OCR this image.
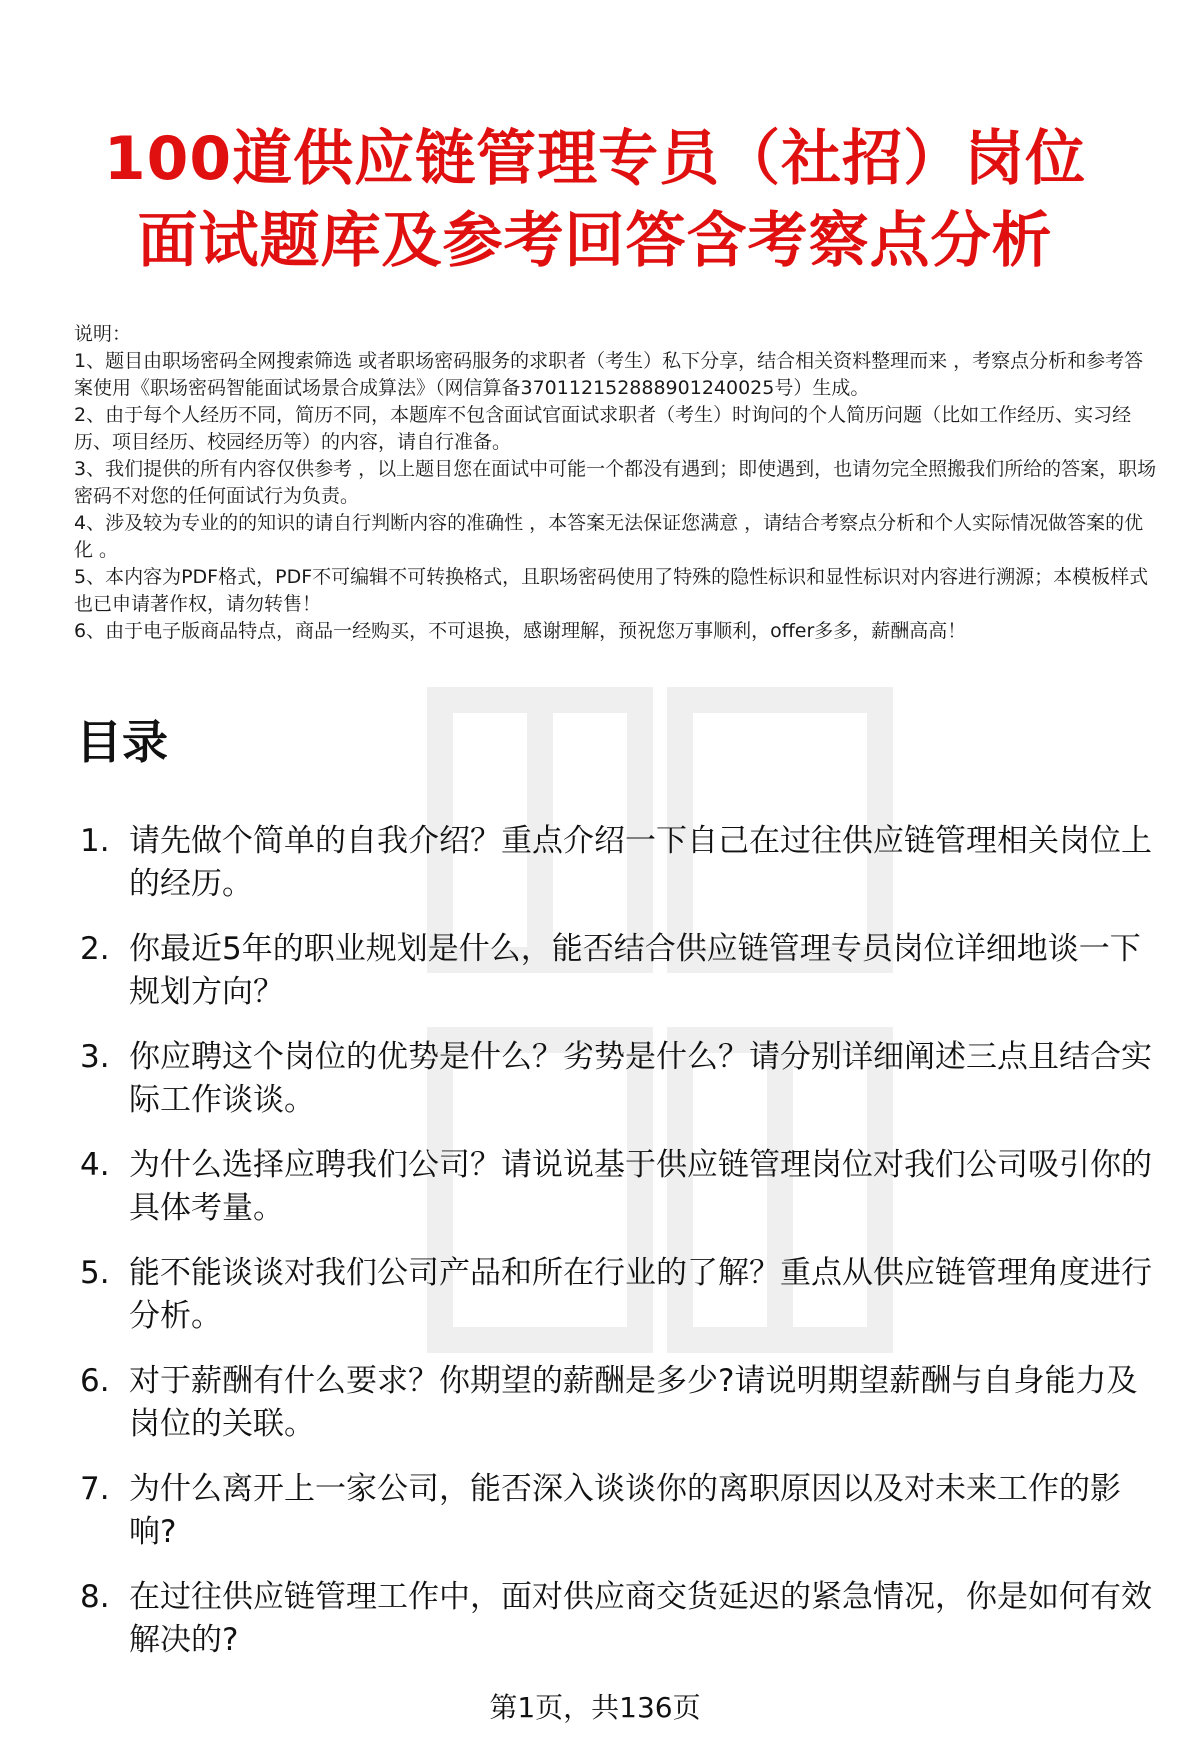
100道供应链管理专员（社招）岗位
面试题库及参考回答含考察点分析

说明：

1、题目由职场密码全网搜索筛选 或者职场密码服务的求职者（考生）私下分享，结合相关资料整理而来 ，考察点分析和参考答案使用《职场密码智能面试场景合成算法》（网信算备370112152888901240025号）生成。

2、由于每个人经历不同，简历不同，本题库不包含面试官面试求职者（考生）时询问的个人简历问题（比如工作经历、实习经历、项目经历、校园经历等）的内容，请自行准备。

3、我们提供的所有内容仅供参考 ，以上题目您在面试中可能一个都没有遇到；即使遇到，也请勿完全照搬我们所给的答案，职场密码不对您的任何面试行为负责。

4、涉及较为专业的的知识的请自行判断内容的准确性 ，本答案无法保证您满意 ，请结合考察点分析和个人实际情况做答案的优化 。

5、本内容为PDF格式，PDF不可编辑不可转换格式，且职场密码使用了特殊的隐性标识和显性标识对内容进行溯源；本模板样式也已申请著作权，请勿转售！

6、由于电子版商品特点，商品一经购买，不可退换，感谢理解，预祝您万事顺利，offer多多，薪酬高高！

目录
1. 请先做个简单的自我介绍？重点介绍一下自己在过往供应链管理相关岗位上的经历。
2. 你最近5年的职业规划是什么，能否结合供应链管理专员岗位详细地谈一下规划方向？
3. 你应聘这个岗位的优势是什么？劣势是什么？请分别详细阐述三点且结合实际工作谈谈。
4. 为什么选择应聘我们公司？请说说基于供应链管理岗位对我们公司吸引你的具体考量。
5. 能不能谈谈对我们公司产品和所在行业的了解？重点从供应链管理角度进行分析。
6. 对于薪酬有什么要求？你期望的薪酬是多少?请说明期望薪酬与自身能力及岗位的关联。
7. 为什么离开上一家公司，能否深入谈谈你的离职原因以及对未来工作的影响?
8. 在过往供应链管理工作中，面对供应商交货延迟的紧急情况，你是如何有效解决的?
第1页，共136页
